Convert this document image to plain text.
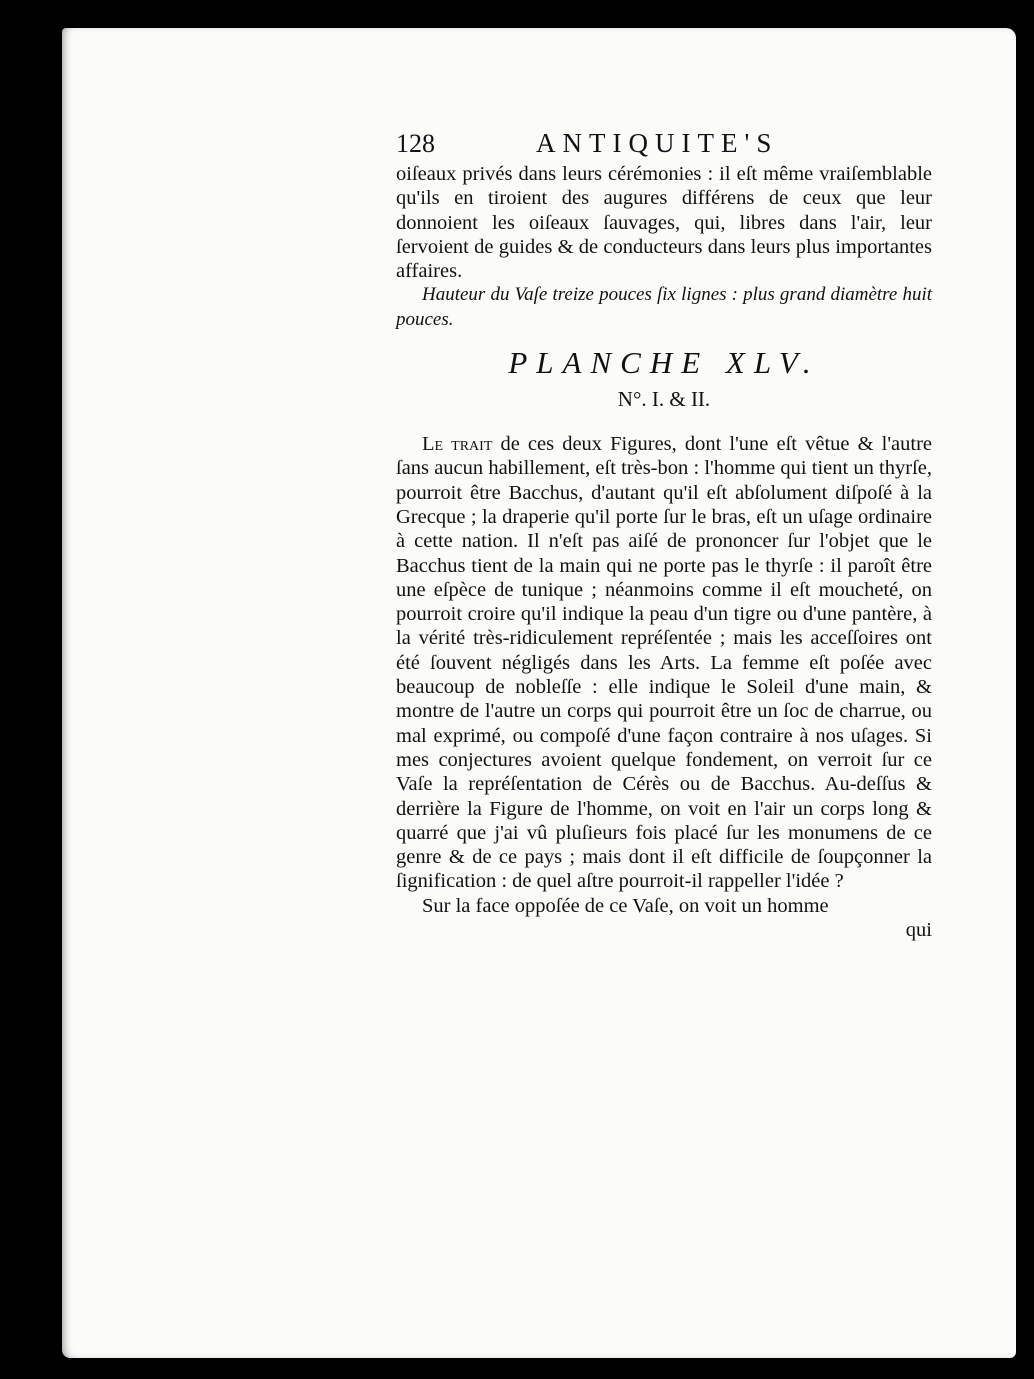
128	ANTIQUITE'S

oiſeaux privés dans leurs cérémonies : il eſt même vraiſemblable qu'ils en tiroient des augures différens de ceux que leur donnoient les oiſeaux ſauvages, qui, libres dans l'air, leur ſervoient de guides & de conducteurs dans leurs plus importantes affaires.

Hauteur du Vaſe treize pouces ſix lignes : plus grand diamètre huit pouces.

PLANCHE XLV.
N°. I. & II.

Le trait de ces deux Figures, dont l'une eſt vêtue & l'autre ſans aucun habillement, eſt très-bon : l'homme qui tient un thyrſe, pourroit être Bacchus, d'autant qu'il eſt abſolument diſpoſé à la Grecque ; la draperie qu'il porte ſur le bras, eſt un uſage ordinaire à cette nation. Il n'eſt pas aiſé de prononcer ſur l'objet que le Bacchus tient de la main qui ne porte pas le thyrſe : il paroît être une eſpèce de tunique ; néanmoins comme il eſt moucheté, on pourroit croire qu'il indique la peau d'un tigre ou d'une pantère, à la vérité très-ridiculement repréſentée ; mais les acceſſoires ont été ſouvent négligés dans les Arts. La femme eſt poſée avec beaucoup de nobleſſe : elle indique le Soleil d'une main, & montre de l'autre un corps qui pourroit être un ſoc de charrue, ou mal exprimé, ou compoſé d'une façon contraire à nos uſages. Si mes conjectures avoient quelque fondement, on verroit ſur ce Vaſe la repréſentation de Cérès ou de Bacchus. Au-deſſus & derrière la Figure de l'homme, on voit en l'air un corps long & quarré que j'ai vû pluſieurs fois placé ſur les monumens de ce genre & de ce pays ; mais dont il eſt difficile de ſoupçonner la ſignification : de quel aſtre pourroit-il rappeller l'idée ?

Sur la face oppoſée de ce Vaſe, on voit un homme

qui
